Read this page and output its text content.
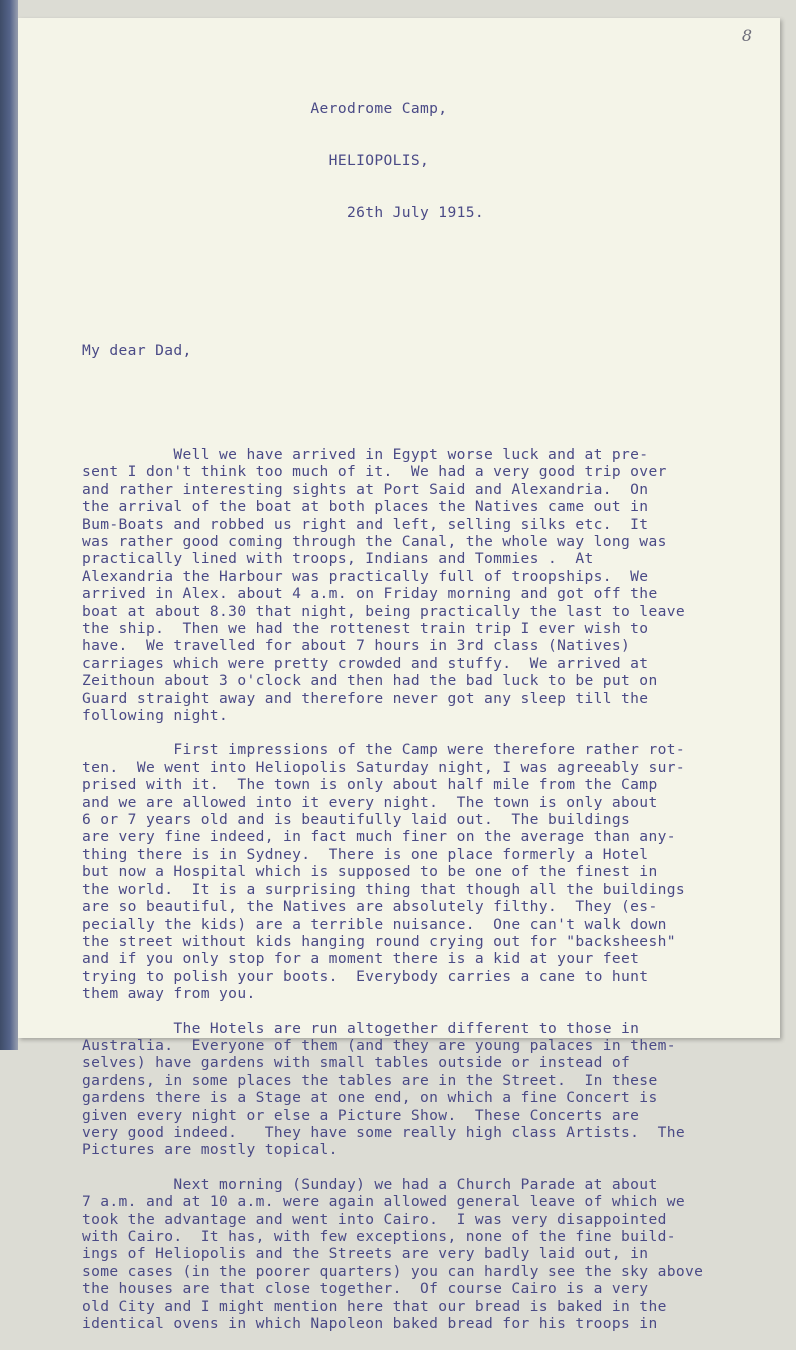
8

Aerodrome Camp,

HELIOPOLIS,

26th July 1915.

My dear Dad,

Well we have arrived in Egypt worse luck and at pre-
sent I don't think too much of it.  We had a very good trip over
and rather interesting sights at Port Said and Alexandria.  On
the arrival of the boat at both places the Natives came out in
Bum-Boats and robbed us right and left, selling silks etc.  It
was rather good coming through the Canal, the whole way long was
practically lined with troops, Indians and Tommies .  At
Alexandria the Harbour was practically full of troopships.  We
arrived in Alex. about 4 a.m. on Friday morning and got off the
boat at about 8.30 that night, being practically the last to leave
the ship.  Then we had the rottenest train trip I ever wish to
have.  We travelled for about 7 hours in 3rd class (Natives)
carriages which were pretty crowded and stuffy.  We arrived at
Zeithoun about 3 o'clock and then had the bad luck to be put on
Guard straight away and therefore never got any sleep till the
following night.
First impressions of the Camp were therefore rather rot-
ten.  We went into Heliopolis Saturday night, I was agreeably sur-
prised with it.  The town is only about half mile from the Camp
and we are allowed into it every night.  The town is only about
6 or 7 years old and is beautifully laid out.  The buildings
are very fine indeed, in fact much finer on the average than any-
thing there is in Sydney.  There is one place formerly a Hotel
but now a Hospital which is supposed to be one of the finest in
the world.  It is a surprising thing that though all the buildings
are so beautiful, the Natives are absolutely filthy.  They (es-
pecially the kids) are a terrible nuisance.  One can't walk down
the street without kids hanging round crying out for "backsheesh"
and if you only stop for a moment there is a kid at your feet
trying to polish your boots.  Everybody carries a cane to hunt
them away from you.
The Hotels are run altogether different to those in
Australia.  Everyone of them (and they are young palaces in them-
selves) have gardens with small tables outside or instead of
gardens, in some places the tables are in the Street.  In these
gardens there is a Stage at one end, on which a fine Concert is
given every night or else a Picture Show.  These Concerts are
very good indeed.   They have some really high class Artists.  The
Pictures are mostly topical.
Next morning (Sunday) we had a Church Parade at about
7 a.m. and at 10 a.m. were again allowed general leave of which we
took the advantage and went into Cairo.  I was very disappointed
with Cairo.  It has, with few exceptions, none of the fine build-
ings of Heliopolis and the Streets are very badly laid out, in
some cases (in the poorer quarters) you can hardly see the sky above
the houses are that close together.  Of course Cairo is a very
old City and I might mention here that our bread is baked in the
identical ovens in which Napoleon baked bread for his troops in
